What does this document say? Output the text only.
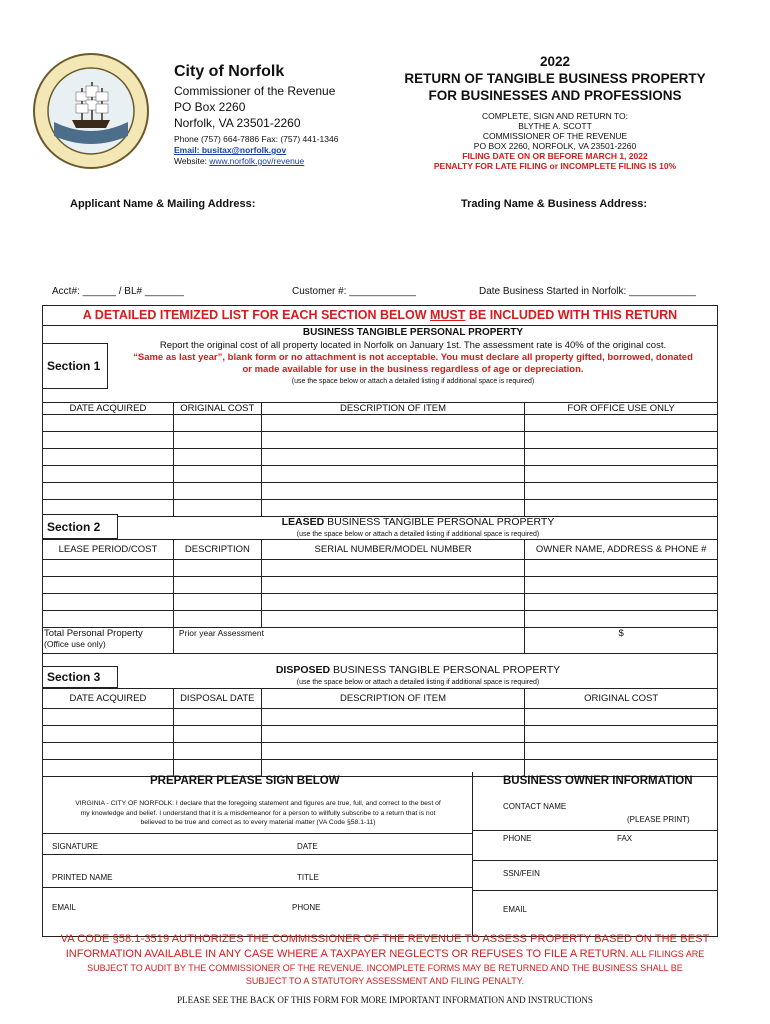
City of Norfolk
Commissioner of the Revenue
PO Box 2260
Norfolk, VA 23501-2260
Phone (757) 664-7886 Fax: (757) 441-1346
Email: busitax@norfolk.gov
Website: www.norfolk.gov/revenue
2022
RETURN OF TANGIBLE BUSINESS PROPERTY
FOR BUSINESSES AND PROFESSIONS
COMPLETE, SIGN AND RETURN TO:
BLYTHE A. SCOTT
COMMISSIONER OF THE REVENUE
PO BOX 2260, NORFOLK, VA 23501-2260
FILING DATE ON OR BEFORE MARCH 1, 2022
PENALTY FOR LATE FILING or INCOMPLETE FILING IS 10%
Applicant Name & Mailing Address:	Trading Name & Business Address:
Acct#: ______ / BL# _______	Customer #: ____________	Date Business Started in Norfolk: ____________
A DETAILED ITEMIZED LIST FOR EACH SECTION BELOW MUST BE INCLUDED WITH THIS RETURN
Section 1
BUSINESS TANGIBLE PERSONAL PROPERTY
Report the original cost of all property located in Norfolk on January 1st. The assessment rate is 40% of the original cost.
“Same as last year”, blank form or no attachment is not acceptable. You must declare all property gifted, borrowed, donated
or made available for use in the business regardless of age or depreciation.
(use the space below or attach a detailed listing if additional space is required)
DATE ACQUIRED	ORIGINAL COST	DESCRIPTION OF ITEM	FOR OFFICE USE ONLY

Section 2	LEASED BUSINESS TANGIBLE PERSONAL PROPERTY
(use the space below or attach a detailed listing if additional space is required)
LEASE PERIOD/COST	DESCRIPTION	SERIAL NUMBER/MODEL NUMBER	OWNER NAME, ADDRESS & PHONE #

Total Personal Property
(Office use only)	Prior year Assessment		$
Section 3	DISPOSED BUSINESS TANGIBLE PERSONAL PROPERTY
(use the space below or attach a detailed listing if additional space is required)
DATE ACQUIRED	DISPOSAL DATE	DESCRIPTION OF ITEM	ORIGINAL COST

PREPARER PLEASE SIGN BELOW
VIRGINIA - CITY OF NORFOLK: I declare that the foregoing statement and figures are true, full, and correct to the best of
my knowledge and belief. I understand that it is a misdemeanor for a person to willfully subscribe to a return that is not
believed to be true and correct as to every material matter (VA Code §58.1-11)
SIGNATURE	DATE
PRINTED NAME	TITLE
EMAIL	PHONE
BUSINESS OWNER INFORMATION
CONTACT NAME
(PLEASE PRINT)
PHONE	FAX
SSN/FEIN
EMAIL
VA CODE §58.1-3519 AUTHORIZES THE COMMISSIONER OF THE REVENUE TO ASSESS PROPERTY BASED ON THE BEST
INFORMATION AVAILABLE IN ANY CASE WHERE A TAXPAYER NEGLECTS OR REFUSES TO FILE A RETURN. ALL FILINGS ARE
SUBJECT TO AUDIT BY THE COMMISSIONER OF THE REVENUE. INCOMPLETE FORMS MAY BE RETURNED AND THE BUSINESS SHALL BE
SUBJECT TO A STATUTORY ASSESSMENT AND FILING PENALTY.
PLEASE SEE THE BACK OF THIS FORM FOR MORE IMPORTANT INFORMATION AND INSTRUCTIONS
